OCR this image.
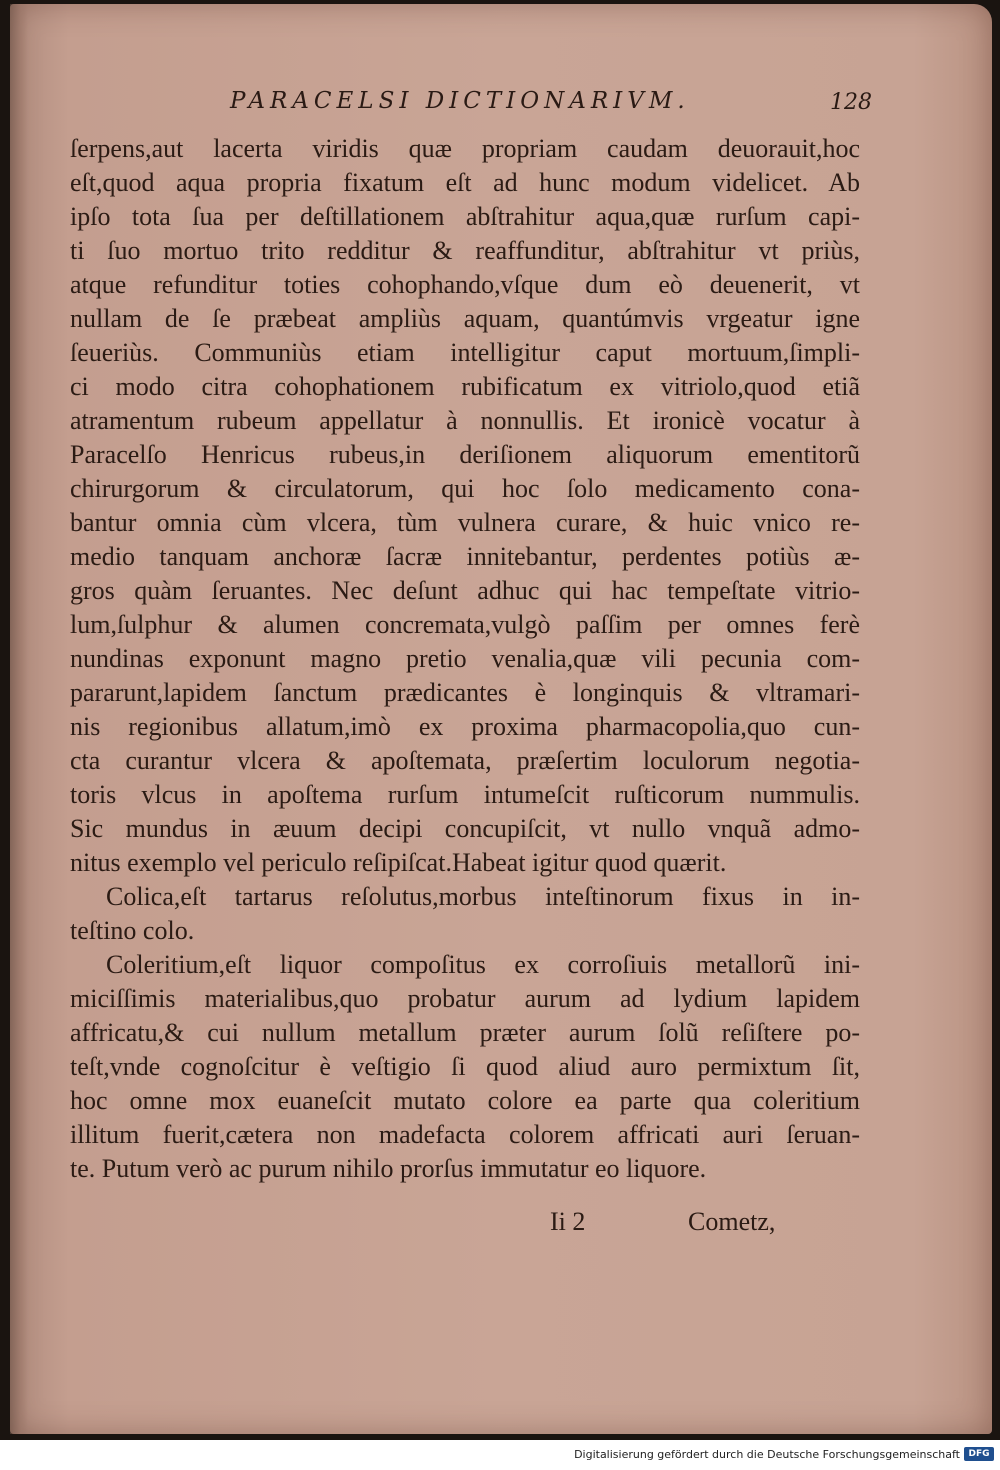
PARACELSI DICTIONARIVM.	128
ſerpens,aut lacerta viridis quæ propriam caudam deuorauit,hoc
eſt,quod aqua propria fixatum eſt ad hunc modum videlicet. Ab
ipſo tota ſua per deſtillationem abſtrahitur aqua,quæ rurſum capi-
ti ſuo mortuo trito redditur & reaffunditur, abſtrahitur vt priùs,
atque refunditur toties cohophando,vſque dum eò deuenerit, vt
nullam de ſe præbeat ampliùs aquam, quantúmvis vrgeatur igne
ſeueriùs. Communiùs etiam intelligitur caput mortuum,ſimpli-
ci modo citra cohophationem rubificatum ex vitriolo,quod etiã
atramentum rubeum appellatur à nonnullis. Et ironicè vocatur à
Paracelſo Henricus rubeus,in deriſionem aliquorum ementitorũ
chirurgorum & circulatorum, qui hoc ſolo medicamento cona-
bantur omnia cùm vlcera, tùm vulnera curare, & huic vnico re-
medio tanquam anchoræ ſacræ innitebantur, perdentes potiùs æ-
gros quàm ſeruantes. Nec deſunt adhuc qui hac tempeſtate vitrio-
lum,ſulphur & alumen concremata,vulgò paſſim per omnes ferè
nundinas exponunt magno pretio venalia,quæ vili pecunia com-
pararunt,lapidem ſanctum prædicantes è longinquis & vltramari-
nis regionibus allatum,imò ex proxima pharmacopolia,quo cun-
cta curantur vlcera & apoſtemata, præſertim loculorum negotia-
toris vlcus in apoſtema rurſum intumeſcit ruſticorum nummulis.
Sic mundus in æuum decipi concupiſcit, vt nullo vnquã admo-
nitus exemplo vel periculo reſipiſcat.Habeat igitur quod quærit.
Colica,eſt tartarus reſolutus,morbus inteſtinorum fixus in in-
teſtino colo.
Coleritium,eſt liquor compoſitus ex corroſiuis metallorũ ini-
miciſſimis materialibus,quo probatur aurum ad lydium lapidem
affricatu,& cui nullum metallum præter aurum ſolũ reſiſtere po-
teſt,vnde cognoſcitur è veſtigio ſi quod aliud auro permixtum ſit,
hoc omne mox euaneſcit mutato colore ea parte qua coleritium
illitum fuerit,cætera non madefacta colorem affricati auri ſeruan-
te. Putum verò ac purum nihilo prorſus immutatur eo liquore.
Ii 2	Cometz,
Digitalisierung gefördert durch die Deutsche Forschungsgemeinschaft DFG
